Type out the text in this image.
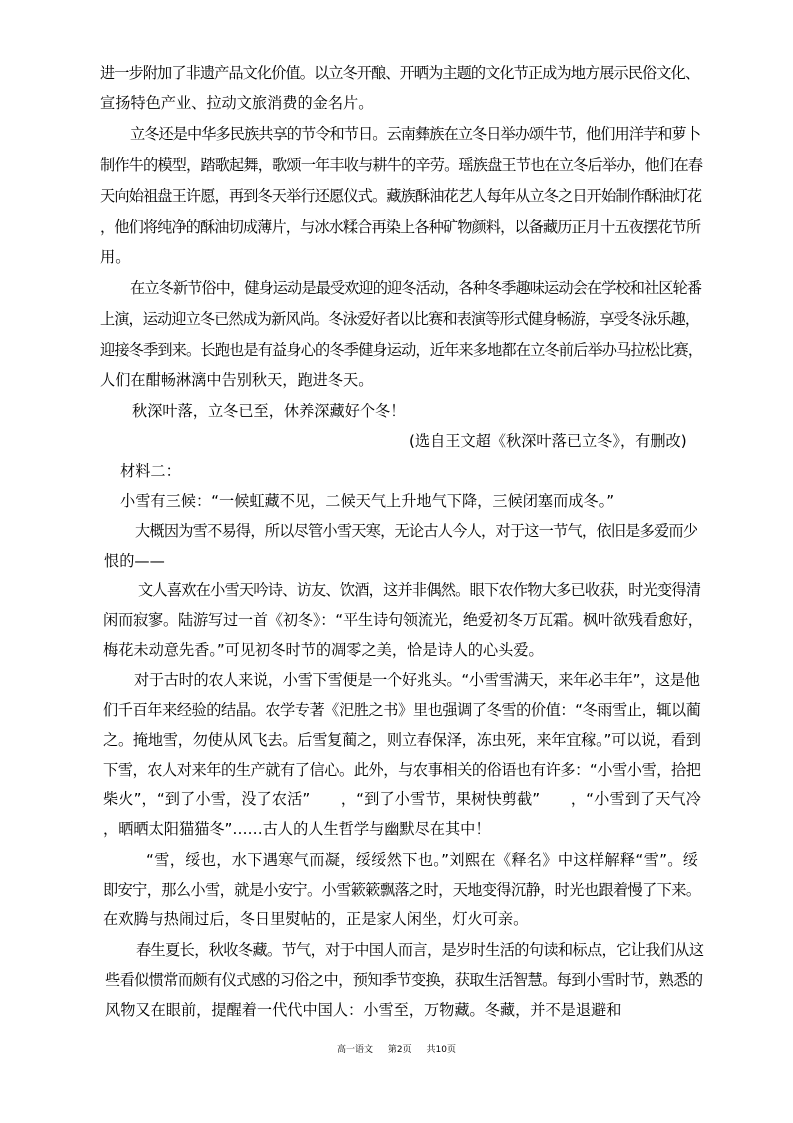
进一步附加了非遗产品文化价值。以立冬开酿、开晒为主题的文化节正成为地方展示民俗文化、
宣扬特色产业、拉动文旅消费的金名片。
立冬还是中华多民族共享的节令和节日。云南彝族在立冬日举办颂牛节，他们用洋芋和萝卜
制作牛的模型，踏歌起舞，歌颂一年丰收与耕牛的辛劳。瑶族盘王节也在立冬后举办，他们在春
天向始祖盘王许愿，再到冬天举行还愿仪式。藏族酥油花艺人每年从立冬之日开始制作酥油灯花
，他们将纯净的酥油切成薄片，与冰水糅合再染上各种矿物颜料，以备藏历正月十五夜摆花节所
用。
在立冬新节俗中，健身运动是最受欢迎的迎冬活动，各种冬季趣味运动会在学校和社区轮番
上演，运动迎立冬已然成为新风尚。冬泳爱好者以比赛和表演等形式健身畅游，享受冬泳乐趣，
迎接冬季到来。长跑也是有益身心的冬季健身运动，近年来多地都在立冬前后举办马拉松比赛，
人们在酣畅淋漓中告别秋天，跑进冬天。
秋深叶落，立冬已至，休养深藏好个冬！
(选自王文超《秋深叶落已立冬》，有删改)
材料二：
小雪有三候：“一候虹藏不见，二候天气上升地气下降，三候闭塞而成冬。”
大概因为雪不易得，所以尽管小雪天寒，无论古人今人，对于这一节气，依旧是多爱而少
恨的——
文人喜欢在小雪天吟诗、访友、饮酒，这并非偶然。眼下农作物大多已收获，时光变得清
闲而寂寥。陆游写过一首《初冬》：“平生诗句领流光，绝爱初冬万瓦霜。枫叶欲残看愈好，
梅花未动意先香。”可见初冬时节的凋零之美，恰是诗人的心头爱。
对于古时的农人来说，小雪下雪便是一个好兆头。“小雪雪满天，来年必丰年”，这是他
们千百年来经验的结晶。农学专著《汜胜之书》里也强调了冬雪的价值：“冬雨雪止，辄以蔺
之。掩地雪，勿使从风飞去。后雪复蔺之，则立春保泽，冻虫死，来年宜稼。”可以说，看到
下雪，农人对来年的生产就有了信心。此外，与农事相关的俗语也有许多：“小雪小雪，拾把
柴火”，“到了小雪，没了农活”　　，“到了小雪节，果树快剪截”　　，“小雪到了天气冷
，晒晒太阳猫猫冬”……古人的人生哲学与幽默尽在其中！
“雪，绥也，水下遇寒气而凝，绥绥然下也。”刘熙在《释名》中这样解释“雪”。绥
即安宁，那么小雪，就是小安宁。小雪簌簌飘落之时，天地变得沉静，时光也跟着慢了下来。
在欢腾与热闹过后，冬日里熨帖的，正是家人闲坐，灯火可亲。
春生夏长，秋收冬藏。节气，对于中国人而言，是岁时生活的句读和标点，它让我们从这
些看似惯常而颇有仪式感的习俗之中，预知季节变换，获取生活智慧。每到小雪时节，熟悉的
风物又在眼前，提醒着一代代中国人：小雪至，万物藏。冬藏，并不是退避和
高一语文 第2页 共10页
